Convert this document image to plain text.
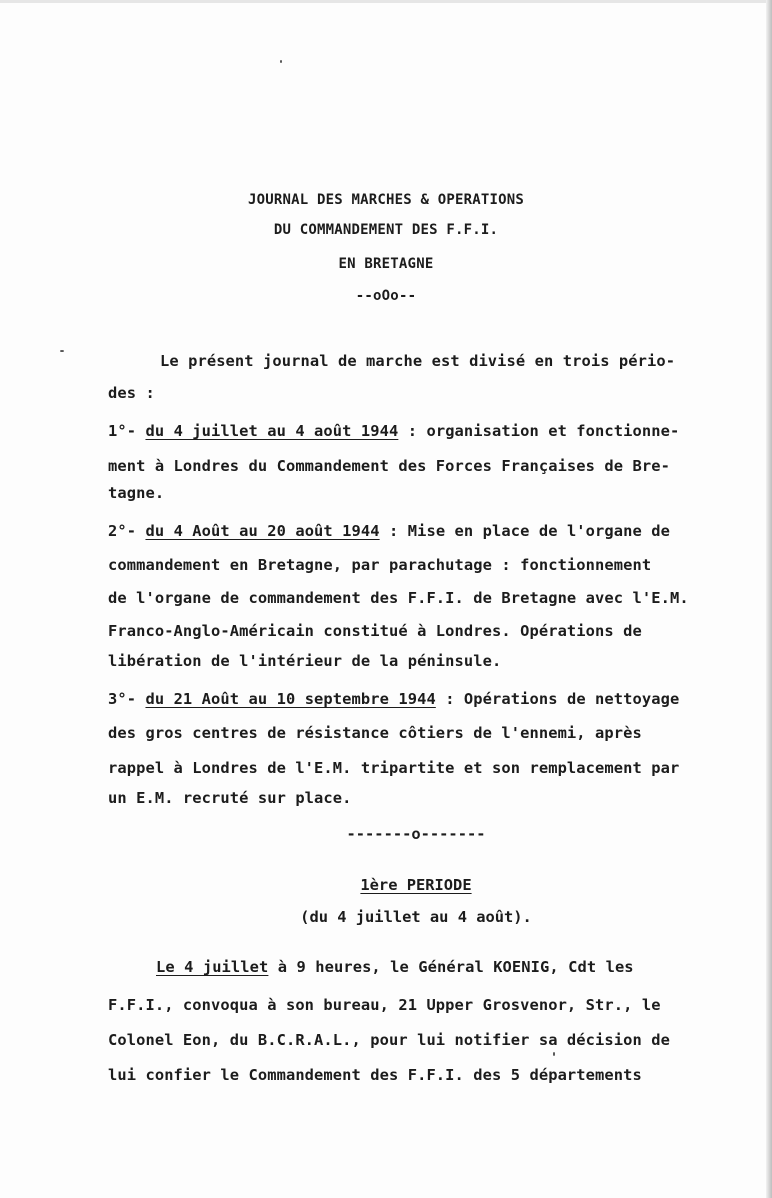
JOURNAL DES MARCHES & OPERATIONS
DU COMMANDEMENT DES F.F.I.
EN BRETAGNE
--oOo--
Le présent journal de marche est divisé en trois pério-
des :
1°- du 4 juillet au 4 août 1944 : organisation et fonctionne-
ment à Londres du Commandement des Forces Françaises de Bre-
tagne.
2°- du 4 Août au 20 août 1944 : Mise en place de l'organe de
commandement en Bretagne, par parachutage : fonctionnement
de l'organe de commandement des F.F.I. de Bretagne avec l'E.M.
Franco-Anglo-Américain constitué à Londres. Opérations de
libération de l'intérieur de la péninsule.
3°- du 21 Août au 10 septembre 1944 : Opérations de nettoyage
des gros centres de résistance côtiers de l'ennemi, après
rappel à Londres de l'E.M. tripartite et son remplacement par
un E.M. recruté sur place.
-------o-------
1ère PERIODE
(du 4 juillet au 4 août).
Le 4 juillet à 9 heures, le Général KOENIG, Cdt les
F.F.I., convoqua à son bureau, 21 Upper Grosvenor, Str., le
Colonel Eon, du B.C.R.A.L., pour lui notifier sa décision de
lui confier le Commandement des F.F.I. des 5 départements
